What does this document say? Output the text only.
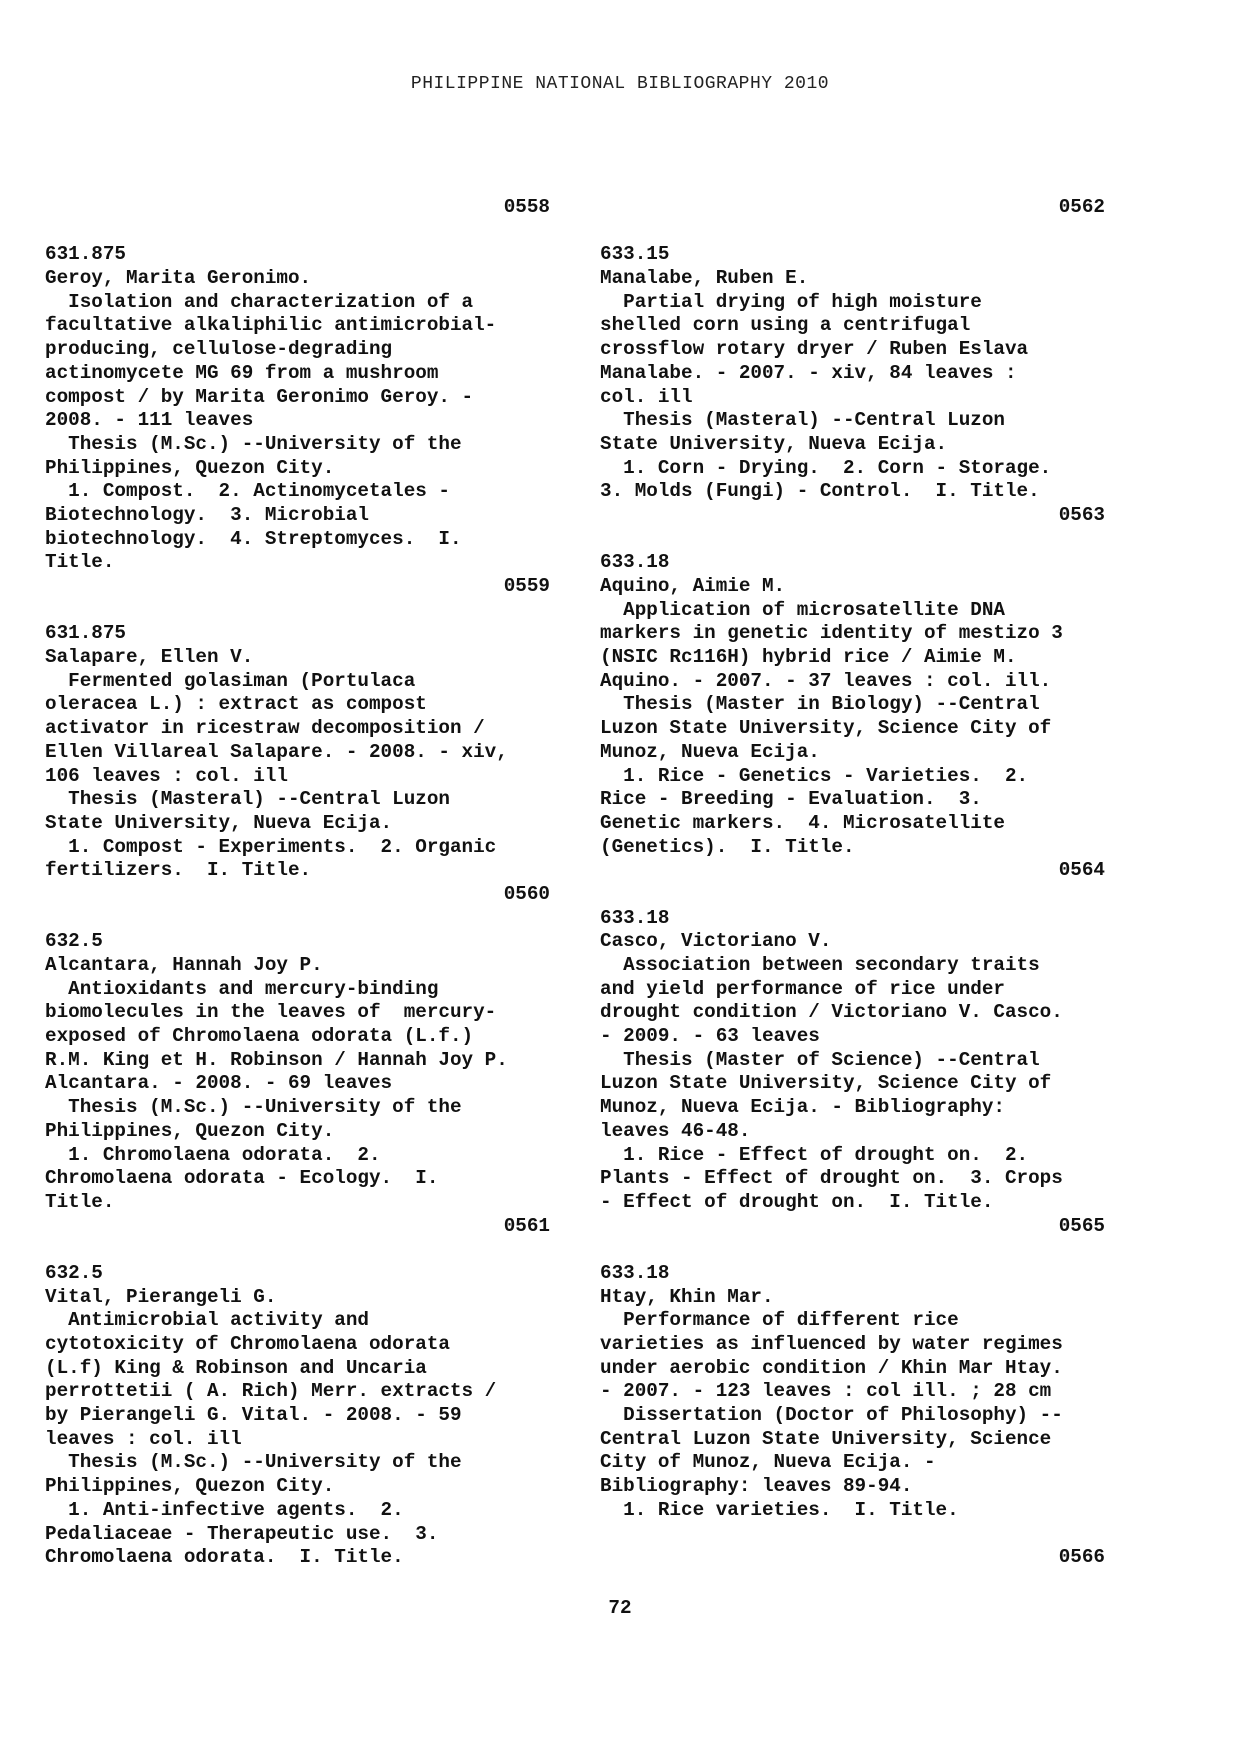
PHILIPPINE NATIONAL BIBLIOGRAPHY 2010
0558
631.875
Geroy, Marita Geronimo.
Isolation and characterization of a
facultative alkaliphilic antimicrobial-
producing, cellulose-degrading
actinomycete MG 69 from a mushroom
compost / by Marita Geronimo Geroy. -
2008. - 111 leaves
Thesis (M.Sc.) --University of the
Philippines, Quezon City.
1. Compost.  2. Actinomycetales -
Biotechnology.  3. Microbial
biotechnology.  4. Streptomyces.  I.
Title.
0559
631.875
Salapare, Ellen V.
Fermented golasiman (Portulaca
oleracea L.) : extract as compost
activator in ricestraw decomposition /
Ellen Villareal Salapare. - 2008. - xiv,
106 leaves : col. ill
Thesis (Masteral) --Central Luzon
State University, Nueva Ecija.
1. Compost - Experiments.  2. Organic
fertilizers.  I. Title.
0560
632.5
Alcantara, Hannah Joy P.
Antioxidants and mercury-binding
biomolecules in the leaves of  mercury-
exposed of Chromolaena odorata (L.f.)
R.M. King et H. Robinson / Hannah Joy P.
Alcantara. - 2008. - 69 leaves
Thesis (M.Sc.) --University of the
Philippines, Quezon City.
1. Chromolaena odorata.  2.
Chromolaena odorata - Ecology.  I.
Title.
0561
632.5
Vital, Pierangeli G.
Antimicrobial activity and
cytotoxicity of Chromolaena odorata
(L.f) King & Robinson and Uncaria
perrottetii ( A. Rich) Merr. extracts /
by Pierangeli G. Vital. - 2008. - 59
leaves : col. ill
Thesis (M.Sc.) --University of the
Philippines, Quezon City.
1. Anti-infective agents.  2.
Pedaliaceae - Therapeutic use.  3.
Chromolaena odorata.  I. Title.
0562
633.15
Manalabe, Ruben E.
Partial drying of high moisture
shelled corn using a centrifugal
crossflow rotary dryer / Ruben Eslava
Manalabe. - 2007. - xiv, 84 leaves :
col. ill
Thesis (Masteral) --Central Luzon
State University, Nueva Ecija.
1. Corn - Drying.  2. Corn - Storage.
3. Molds (Fungi) - Control.  I. Title.
0563
633.18
Aquino, Aimie M.
Application of microsatellite DNA
markers in genetic identity of mestizo 3
(NSIC Rc116H) hybrid rice / Aimie M.
Aquino. - 2007. - 37 leaves : col. ill.
Thesis (Master in Biology) --Central
Luzon State University, Science City of
Munoz, Nueva Ecija.
1. Rice - Genetics - Varieties.  2.
Rice - Breeding - Evaluation.  3.
Genetic markers.  4. Microsatellite
(Genetics).  I. Title.
0564
633.18
Casco, Victoriano V.
Association between secondary traits
and yield performance of rice under
drought condition / Victoriano V. Casco.
- 2009. - 63 leaves
Thesis (Master of Science) --Central
Luzon State University, Science City of
Munoz, Nueva Ecija. - Bibliography:
leaves 46-48.
1. Rice - Effect of drought on.  2.
Plants - Effect of drought on.  3. Crops
- Effect of drought on.  I. Title.
0565
633.18
Htay, Khin Mar.
Performance of different rice
varieties as influenced by water regimes
under aerobic condition / Khin Mar Htay.
- 2007. - 123 leaves : col ill. ; 28 cm
Dissertation (Doctor of Philosophy) --
Central Luzon State University, Science
City of Munoz, Nueva Ecija. -
Bibliography: leaves 89-94.
1. Rice varieties.  I. Title.
0566
72
